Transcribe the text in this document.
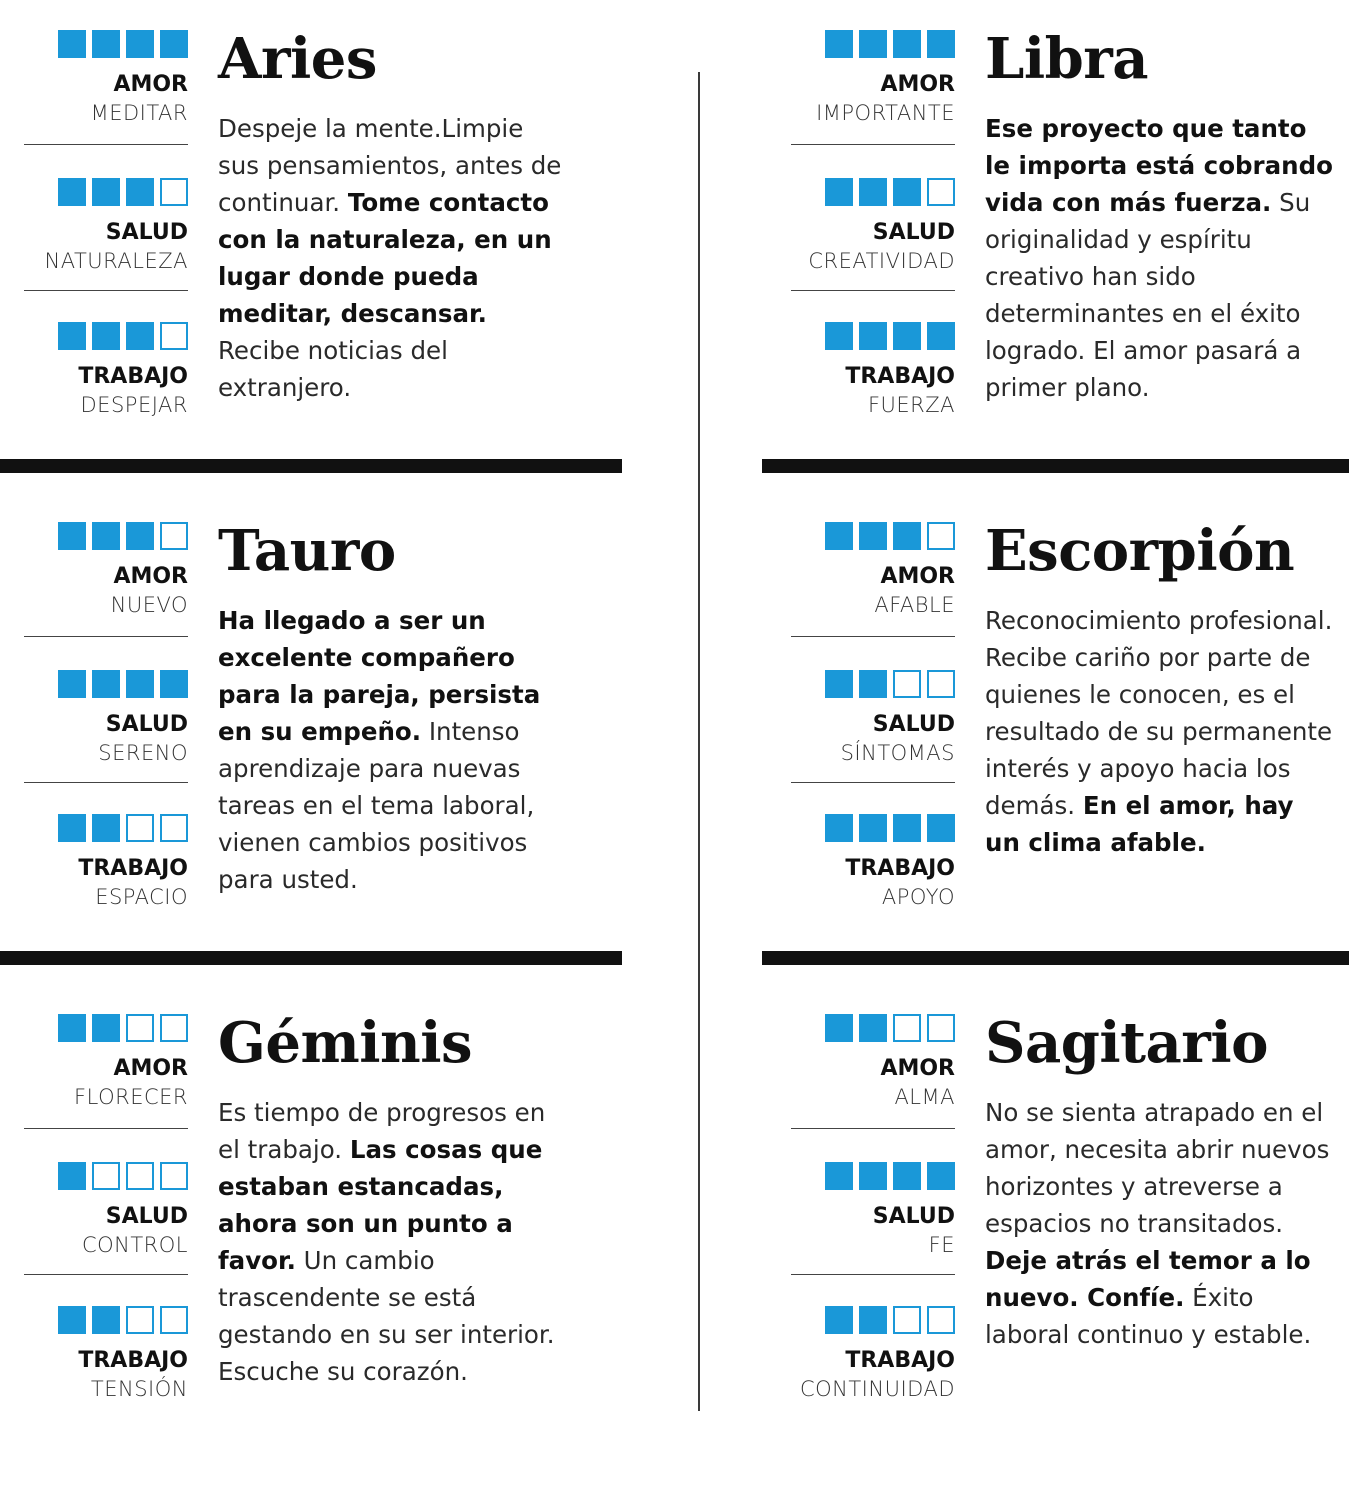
AMOR
MEDITAR
SALUD
NATURALEZA
TRABAJO
DESPEJAR
Aries
Despeje la mente.Limpie sus pensamientos, antes de continuar. Tome contacto con la naturaleza, en un lugar donde pueda meditar, descansar. Recibe noticias del extranjero.
AMOR
IMPORTANTE
SALUD
CREATIVIDAD
TRABAJO
FUERZA
Libra
Ese proyecto que tanto le importa está cobrando vida con más fuerza. Su originalidad y espíritu creativo han sido determinantes en el éxito logrado. El amor pasará a primer plano.
AMOR
NUEVO
SALUD
SERENO
TRABAJO
ESPACIO
Tauro
Ha llegado a ser un excelente compañero para la pareja, persista en su empeño. Intenso aprendizaje para nuevas tareas en el tema laboral, vienen cambios positivos para usted.
AMOR
AFABLE
SALUD
SÍNTOMAS
TRABAJO
APOYO
Escorpión
Reconocimiento profesional. Recibe cariño por parte de quienes le conocen, es el resultado de su permanente interés y apoyo hacia los demás. En el amor, hay un clima afable.
AMOR
FLORECER
SALUD
CONTROL
TRABAJO
TENSIÓN
Géminis
Es tiempo de progresos en el trabajo. Las cosas que estaban estancadas, ahora son un punto a favor. Un cambio trascendente se está gestando en su ser interior. Escuche su corazón.
AMOR
ALMA
SALUD
FE
TRABAJO
CONTINUIDAD
Sagitario
No se sienta atrapado en el amor, necesita abrir nuevos horizontes y atreverse a espacios no transitados. Deje atrás el temor a lo nuevo. Confíe. Éxito laboral continuo y estable.
